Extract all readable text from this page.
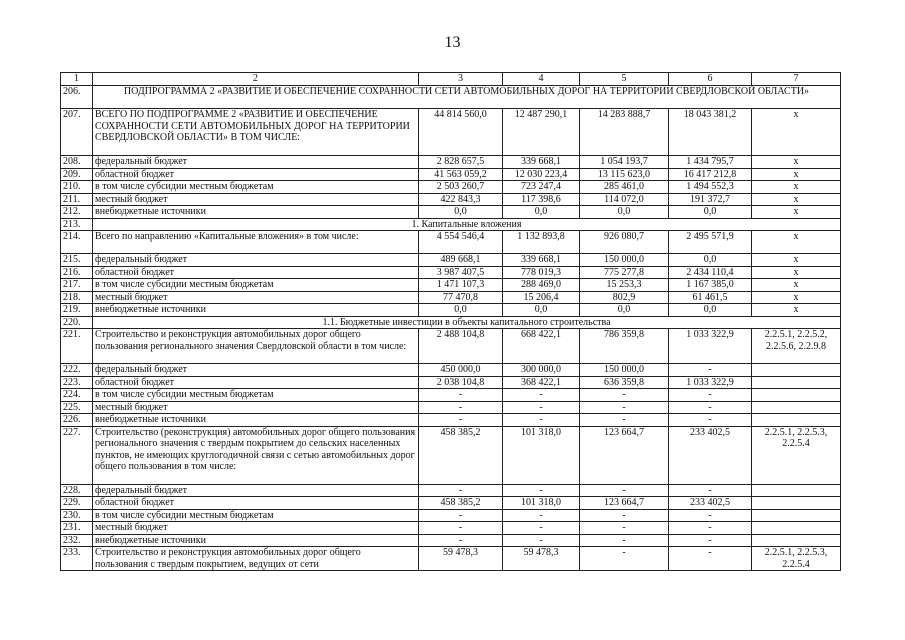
13
1	2	3	4	5	6	7
206.	ПОДПРОГРАММА 2 «РАЗВИТИЕ И ОБЕСПЕЧЕНИЕ СОХРАННОСТИ СЕТИ АВТОМОБИЛЬНЫХ ДОРОГ НА ТЕРРИТОРИИ СВЕРДЛОВСКОЙ ОБЛАСТИ»					
207.	ВСЕГО ПО ПОДПРОГРАММЕ 2 «РАЗВИТИЕ И ОБЕСПЕЧЕНИЕ СОХРАННОСТИ СЕТИ АВТОМОБИЛЬНЫХ ДОРОГ НА ТЕРРИТОРИИ СВЕРДЛОВСКОЙ ОБЛАСТИ» В ТОМ ЧИСЛЕ:	44 814 560,0	12 487 290,1	14 283 888,7	18 043 381,2	x
208.	федеральный бюджет	2 828 657,5	339 668,1	1 054 193,7	1 434 795,7	x
209.	областной бюджет	41 563 059,2	12 030 223,4	13 115 623,0	16 417 212,8	x
210.	в том числе субсидии местным бюджетам	2 503 260,7	723 247,4	285 461,0	1 494 552,3	x
211.	местный бюджет	422 843,3	117 398,6	114 072,0	191 372,7	x
212.	внебюджетные источники	0,0	0,0	0,0	0,0	x
213.	1. Капитальные вложения					
214.	Всего по направлению «Капитальные вложения» в том числе:	4 554 546,4	1 132 893,8	926 080,7	2 495 571,9	x
215.	федеральный бюджет	489 668,1	339 668,1	150 000,0	0,0	x
216.	областной бюджет	3 987 407,5	778 019,3	775 277,8	2 434 110,4	x
217.	в том числе субсидии местным бюджетам	1 471 107,3	288 469,0	15 253,3	1 167 385,0	x
218.	местный бюджет	77 470,8	15 206,4	802,9	61 461,5	x
219.	внебюджетные источники	0,0	0,0	0,0	0,0	x
220.	1.1. Бюджетные инвестиции в объекты капитального строительства					
221.	Строительство и реконструкция автомобильных дорог общего пользования регионального значения Свердловской области в том числе:	2 488 104,8	668 422,1	786 359,8	1 033 322,9	2.2.5.1, 2.2.5.2, 2.2.5.6, 2.2.9.8
222.	федеральный бюджет	450 000,0	300 000,0	150 000,0	-	
223.	областной бюджет	2 038 104,8	368 422,1	636 359,8	1 033 322,9	
224.	в том числе субсидии местным бюджетам	-	-	-	-	
225.	местный бюджет	-	-	-	-	
226.	внебюджетные источники	-	-	-	-	
227.	Строительство (реконструкция) автомобильных дорог общего пользования регионального значения с твердым покрытием до сельских населенных пунктов, не имеющих круглогодичной связи с сетью автомобильных дорог общего пользования в том числе:	458 385,2	101 318,0	123 664,7	233 402,5	2.2.5.1, 2.2.5.3, 2.2.5.4
228.	федеральный бюджет	-	-	-	-	
229.	областной бюджет	458 385,2	101 318,0	123 664,7	233 402,5	
230.	в том числе субсидии местным бюджетам	-	-	-	-	
231.	местный бюджет	-	-	-	-	
232.	внебюджетные источники	-	-	-	-	
233.	Строительство и реконструкция автомобильных дорог общего пользования с твердым покрытием, ведущих от сети	59 478,3	59 478,3	-	-	2.2.5.1, 2.2.5.3, 2.2.5.4
